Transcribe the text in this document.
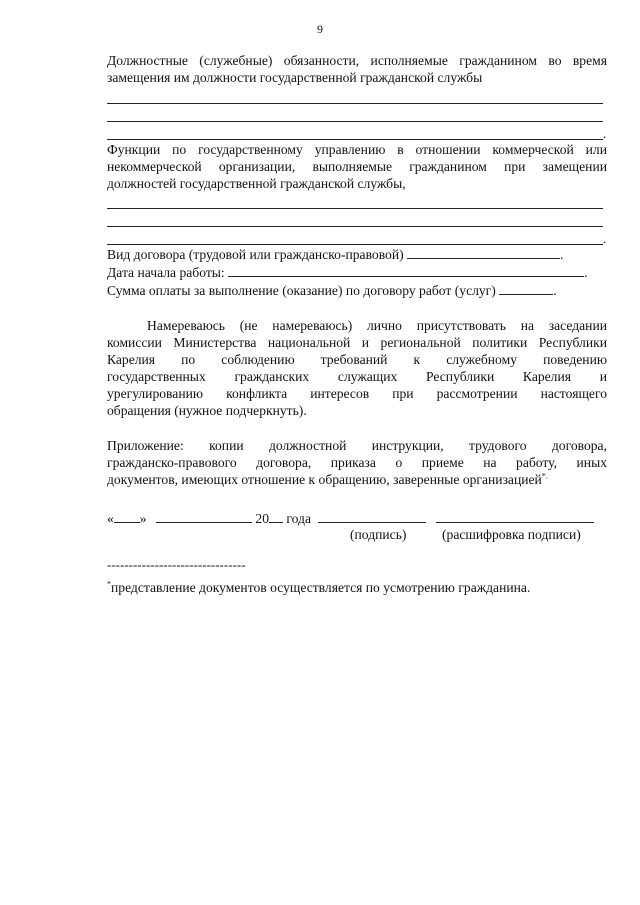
9
Должностные (служебные) обязанности, исполняемые гражданином во время
замещения им должности государственной гражданской службы
.
Функции по государственному управлению в отношении коммерческой или
некоммерческой организации, выполняемые гражданином при замещении
должностей государственной гражданской службы,
.
Вид договора (трудовой или гражданско-правовой)	.
Дата начала работы:	.
Сумма оплаты за выполнение (оказание) по договору работ (услуг)	.
Намереваюсь (не намереваюсь) лично присутствовать на заседании
комиссии Министерства национальной и региональной политики Республики
Карелия по соблюдению требований к служебному поведению
государственных гражданских служащих Республики Карелия и
урегулированию конфликта интересов при рассмотрении настоящего
обращения (нужное подчеркнуть).
Приложение: копии должностной инструкции, трудового договора,
гражданско-правового договора, приказа о приеме на работу, иных
документов, имеющих отношение к обращению, заверенные организацией*.
« »	20 года
(подпись)	(расшифровка подписи)
--------------------------------
*представление документов осуществляется по усмотрению гражданина.
